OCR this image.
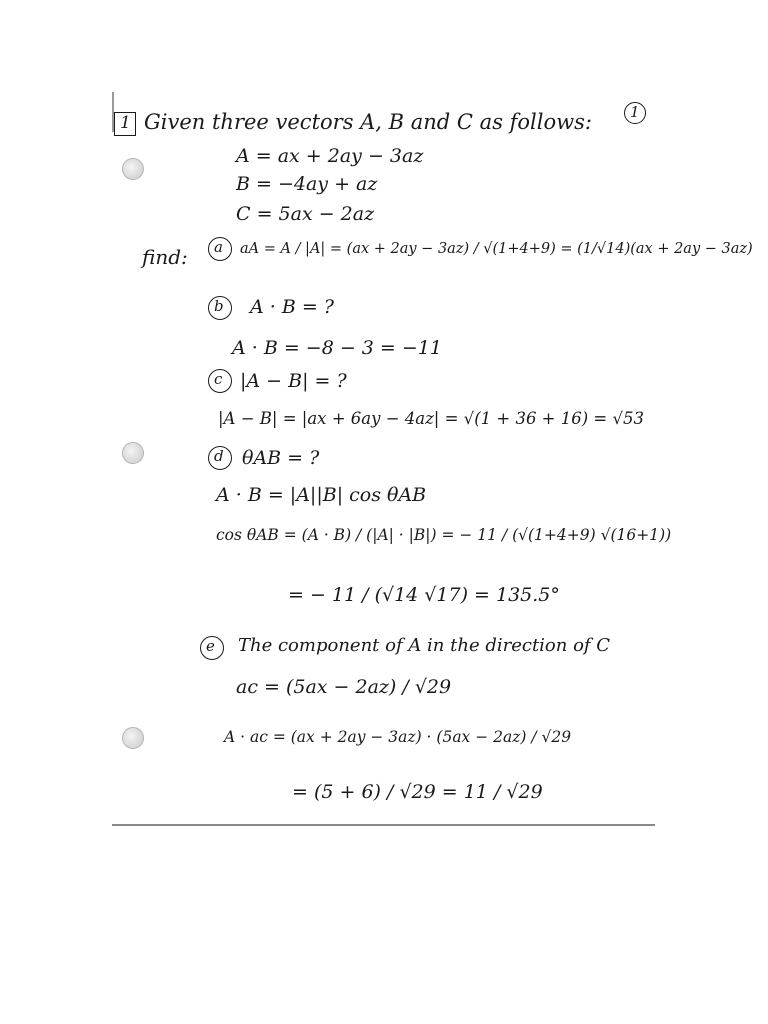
1 Given three vectors A, B and C as follows:	1
A = ax + 2ay − 3az
B = −4ay + az
C = 5ax − 2az
find: a aA = A / |A| = (ax + 2ay − 3az) / √(1+4+9) = (1/√14)(ax + 2ay − 3az)
b A · B = ?
A · B = −8 − 3 = −11
c |A − B| = ?
|A − B| = |ax + 6ay − 4az| = √(1 + 36 + 16) = √53
d θAB = ?
A · B = |A||B| cos θAB
cos θAB = (A · B) / (|A| · |B|) = − 11 / (√(1+4+9) √(16+1))
= − 11 / (√14 √17) = 135.5°
e The component of A in the direction of C
ac = (5ax − 2az) / √29
A · ac = (ax + 2ay − 3az) · (5ax − 2az) / √29
= (5 + 6) / √29 = 11 / √29
